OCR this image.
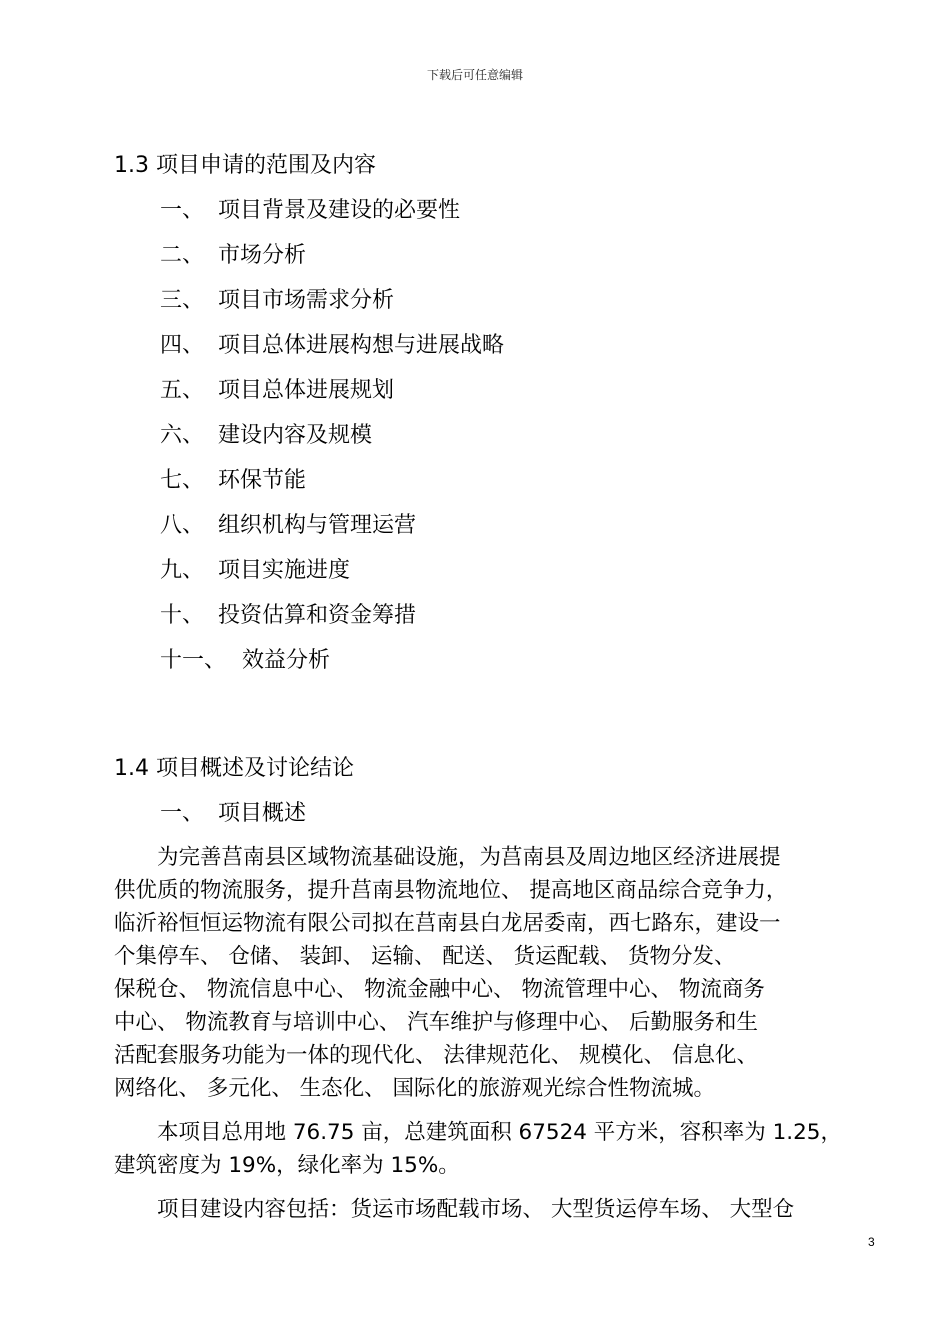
下载后可任意编辑
1.3 项目申请的范围及内容
一、 项目背景及建设的必要性
二、 市场分析
三、 项目市场需求分析
四、 项目总体进展构想与进展战略
五、 项目总体进展规划
六、 建设内容及规模
七、 环保节能
八、 组织机构与管理运营
九、 项目实施进度
十、 投资估算和资金筹措
十一、 效益分析
1.4 项目概述及讨论结论
一、 项目概述
　　为完善莒南县区域物流基础设施，为莒南县及周边地区经济进展提
供优质的物流服务，提升莒南县物流地位、 提高地区商品综合竞争力，
临沂裕恒恒运物流有限公司拟在莒南县白龙居委南，西七路东，建设一
个集停车、 仓储、 装卸、 运输、 配送、 货运配载、 货物分发、
保税仓、 物流信息中心、 物流金融中心、 物流管理中心、 物流商务
中心、 物流教育与培训中心、 汽车维护与修理中心、 后勤服务和生
活配套服务功能为一体的现代化、 法律规范化、 规模化、 信息化、
网络化、 多元化、 生态化、 国际化的旅游观光综合性物流城。
　　本项目总用地 76.75 亩，总建筑面积 67524 平方米，容积率为 1.25，
建筑密度为 19%，绿化率为 15%。
　　项目建设内容包括：货运市场配载市场、 大型货运停车场、 大型仓
3
